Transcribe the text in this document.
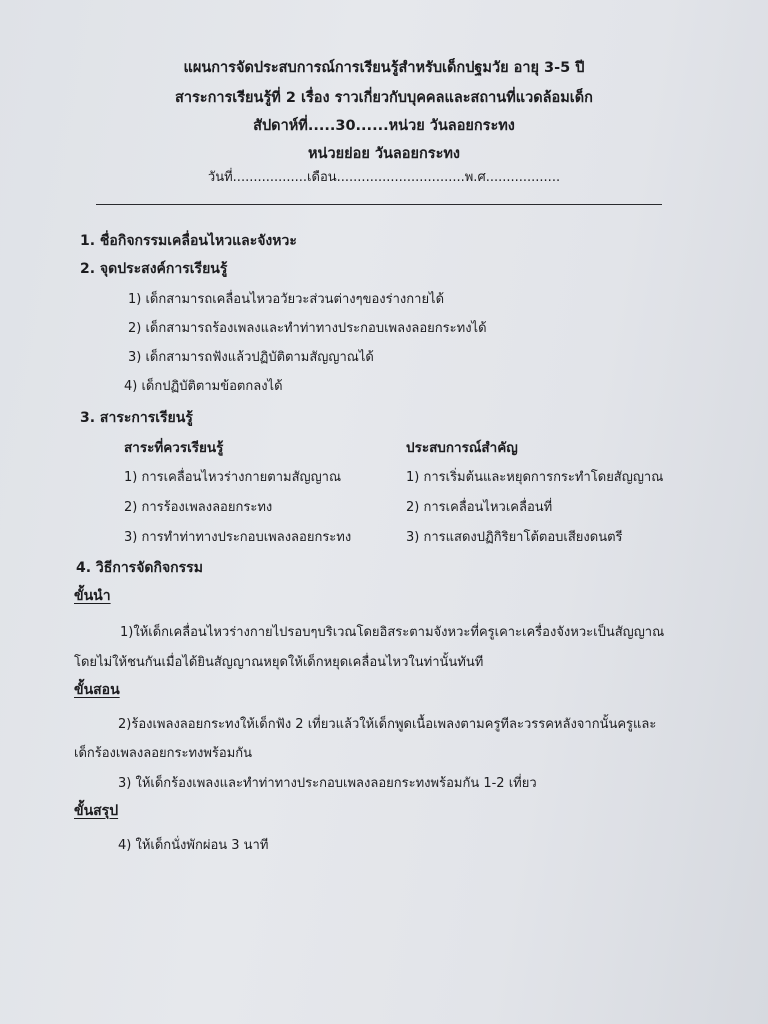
แผนการจัดประสบการณ์การเรียนรู้สำหรับเด็กปฐมวัย อายุ 3-5 ปี
สาระการเรียนรู้ที่ 2 เรื่อง ราวเกี่ยวกับบุคคลและสถานที่แวดล้อมเด็ก
สัปดาห์ที่.....30......หน่วย วันลอยกระทง
หน่วยย่อย วันลอยกระทง
วันที่..................เดือน...............................พ.ศ..................
1. ชื่อกิจกรรมเคลื่อนไหวและจังหวะ
2. จุดประสงค์การเรียนรู้
1) เด็กสามารถเคลื่อนไหวอวัยวะส่วนต่างๆของร่างกายได้
2) เด็กสามารถร้องเพลงและทำท่าทางประกอบเพลงลอยกระทงได้
3) เด็กสามารถฟังแล้วปฏิบัติตามสัญญาณได้
4) เด็กปฏิบัติตามข้อตกลงได้
3. สาระการเรียนรู้
สาระที่ควรเรียนรู้	ประสบการณ์สำคัญ
1) การเคลื่อนไหวร่างกายตามสัญญาณ
2) การร้องเพลงลอยกระทง
3) การทำท่าทางประกอบเพลงลอยกระทง
1) การเริ่มต้นและหยุดการกระทำโดยสัญญาณ
2) การเคลื่อนไหวเคลื่อนที่
3) การแสดงปฏิกิริยาโต้ตอบเสียงดนตรี
4. วิธีการจัดกิจกรรม
ขั้นนำ
1)ให้เด็กเคลื่อนไหวร่างกายไปรอบๆบริเวณโดยอิสระตามจังหวะที่ครูเคาะเครื่องจังหวะเป็นสัญญาณ
โดยไม่ให้ชนกันเมื่อได้ยินสัญญาณหยุดให้เด็กหยุดเคลื่อนไหวในท่านั้นทันที
ขั้นสอน
2)ร้องเพลงลอยกระทงให้เด็กฟัง 2 เที่ยวแล้วให้เด็กพูดเนื้อเพลงตามครูทีละวรรคหลังจากนั้นครูและ
เด็กร้องเพลงลอยกระทงพร้อมกัน
3) ให้เด็กร้องเพลงและทำท่าทางประกอบเพลงลอยกระทงพร้อมกัน 1-2 เที่ยว
ขั้นสรุป
4) ให้เด็กนั่งพักผ่อน 3 นาที
